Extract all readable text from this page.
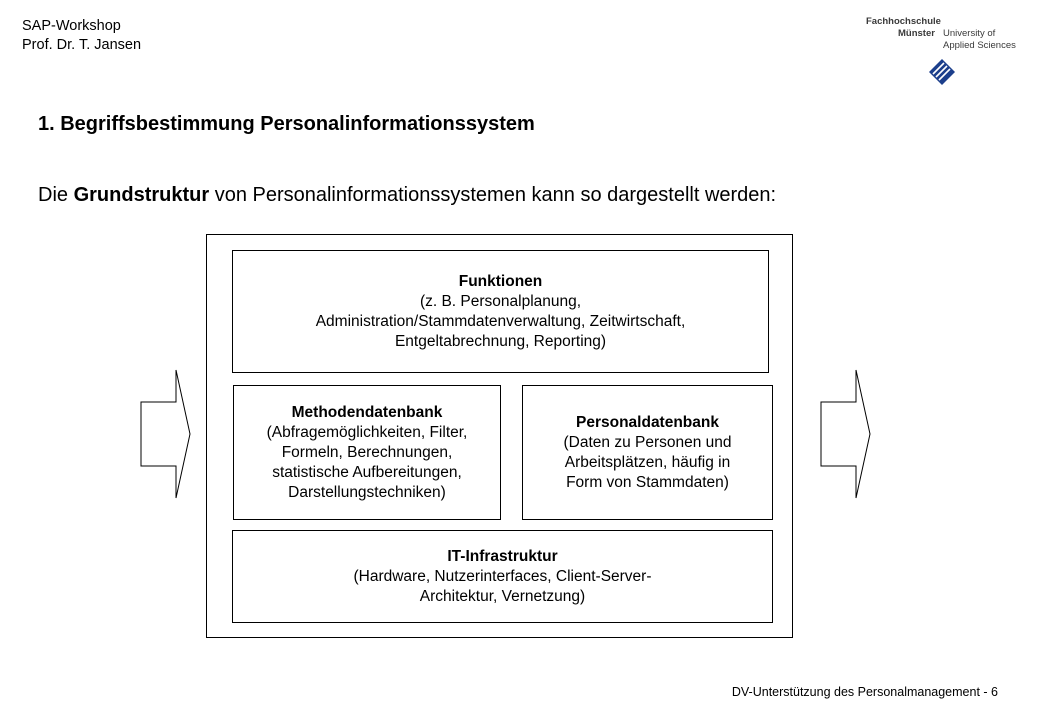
SAP-Workshop
Prof. Dr. T. Jansen
Fachhochschule
Münster University of
Applied Sciences
1. Begriffsbestimmung Personalinformationssystem
Die Grundstruktur von Personalinformationssystemen kann so dargestellt werden:
Funktionen
(z. B. Personalplanung,
Administration/Stammdatenverwaltung, Zeitwirtschaft,
Entgeltabrechnung, Reporting)
Methodendatenbank
(Abfragemöglichkeiten, Filter,
Formeln, Berechnungen,
statistische Aufbereitungen,
Darstellungstechniken)
Personaldatenbank
(Daten zu Personen und
Arbeitsplätzen, häufig in
Form von Stammdaten)
IT-Infrastruktur
(Hardware, Nutzerinterfaces, Client-Server-
Architektur, Vernetzung)
DV-Unterstützung des Personalmanagement - 6
